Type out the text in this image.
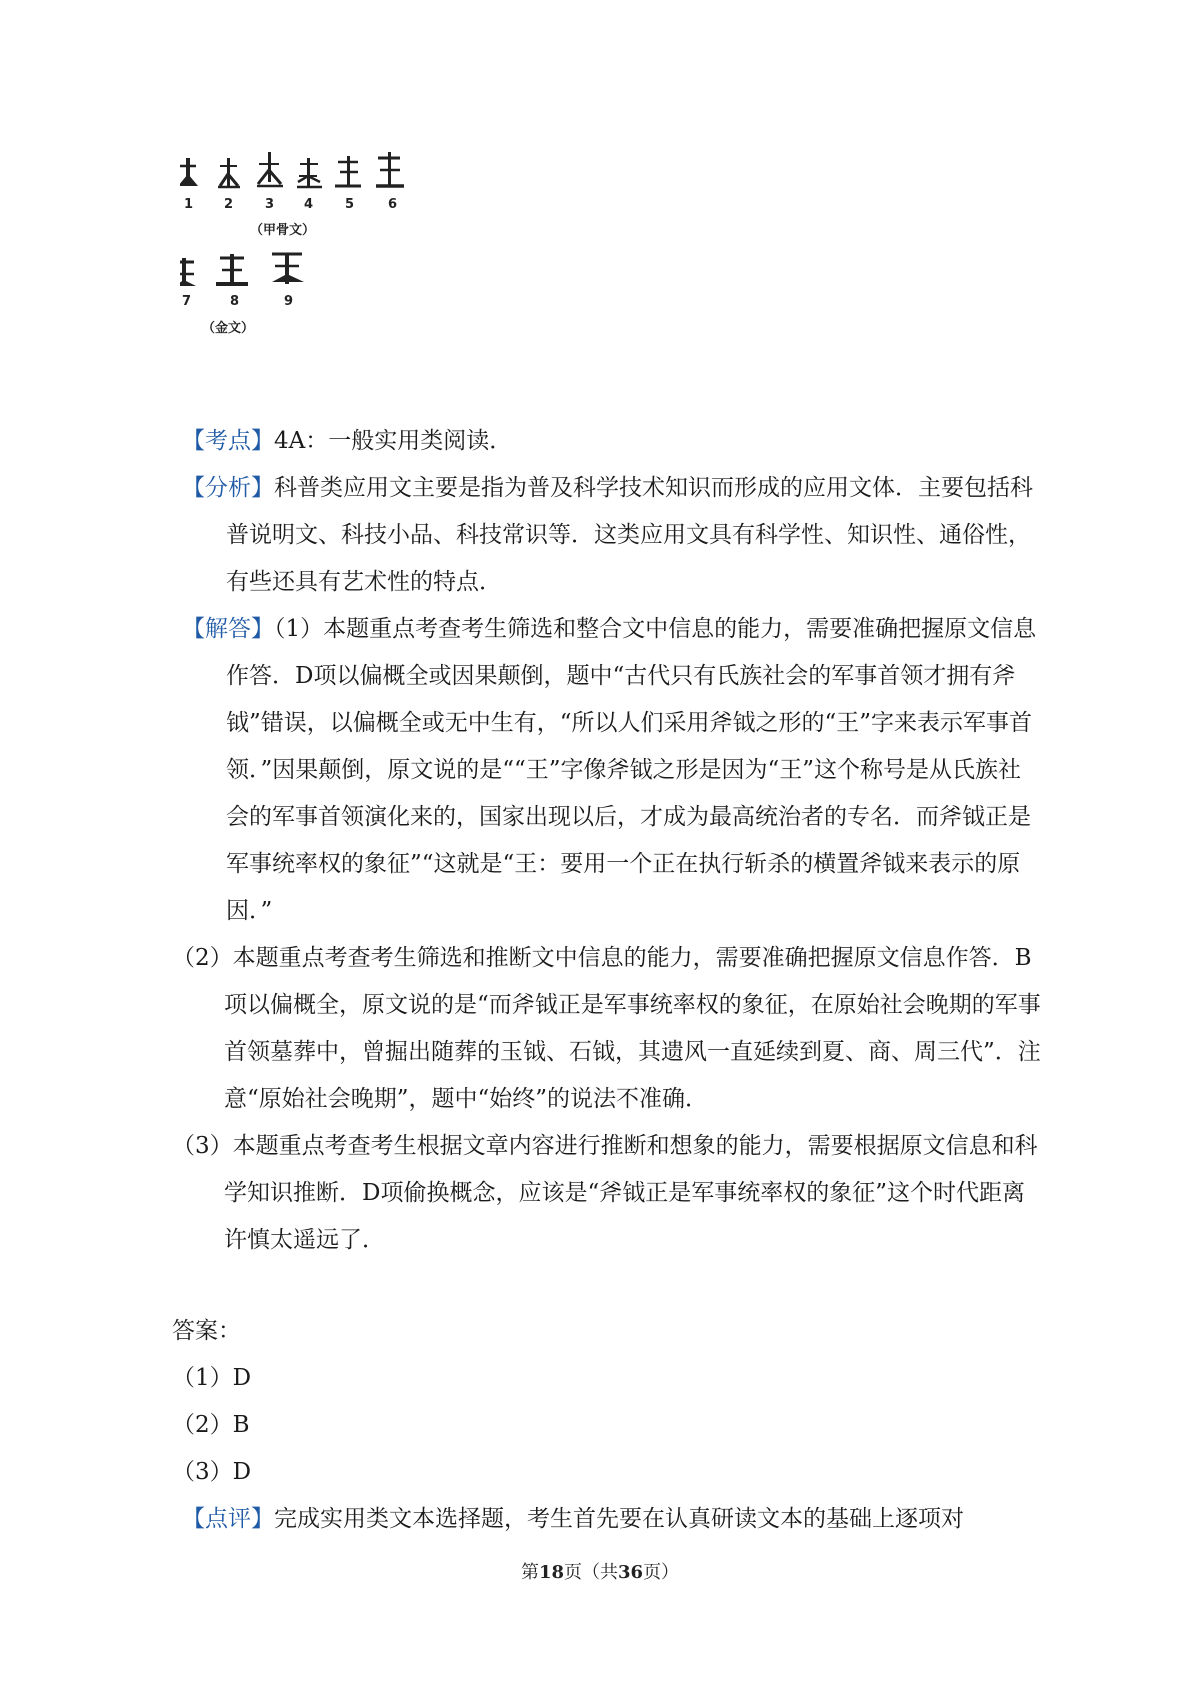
1 2 3 4 5	6
7	8	9
（甲骨文）
（金文）

【考点】4A：一般实用类阅读．

【分析】科普类应用文主要是指为普及科学技术知识而形成的应用文体．主要包括科普说明文、科技小品、科技常识等．这类应用文具有科学性、知识性、通俗性，有些还具有艺术性的特点．

【解答】（1）本题重点考查考生筛选和整合文中信息的能力，需要准确把握原文信息作答．D项以偏概全或因果颠倒，题中“古代只有氏族社会的军事首领才拥有斧钺”错误，以偏概全或无中生有，“所以人们采用斧钺之形的“王”字来表示军事首领．”因果颠倒，原文说的是““王”字像斧钺之形是因为“王”这个称号是从氏族社会的军事首领演化来的，国家出现以后，才成为最高统治者的专名．而斧钺正是军事统率权的象征”“这就是“王：要用一个正在执行斩杀的横置斧钺来表示的原因．”

（2）本题重点考查考生筛选和推断文中信息的能力，需要准确把握原文信息作答．B项以偏概全，原文说的是“而斧钺正是军事统率权的象征，在原始社会晚期的军事首领墓葬中，曾掘出随葬的玉钺、石钺，其遗风一直延续到夏、商、周三代”．注意“原始社会晚期”，题中“始终”的说法不准确．

（3）本题重点考查考生根据文章内容进行推断和想象的能力，需要根据原文信息和科学知识推断．D项偷换概念，应该是“斧钺正是军事统率权的象征”这个时代距离许慎太遥远了．

答案：

（1）D

（2）B

（3）D

【点评】完成实用类文本选择题，考生首先要在认真研读文本的基础上逐项对

第18页（共36页）
